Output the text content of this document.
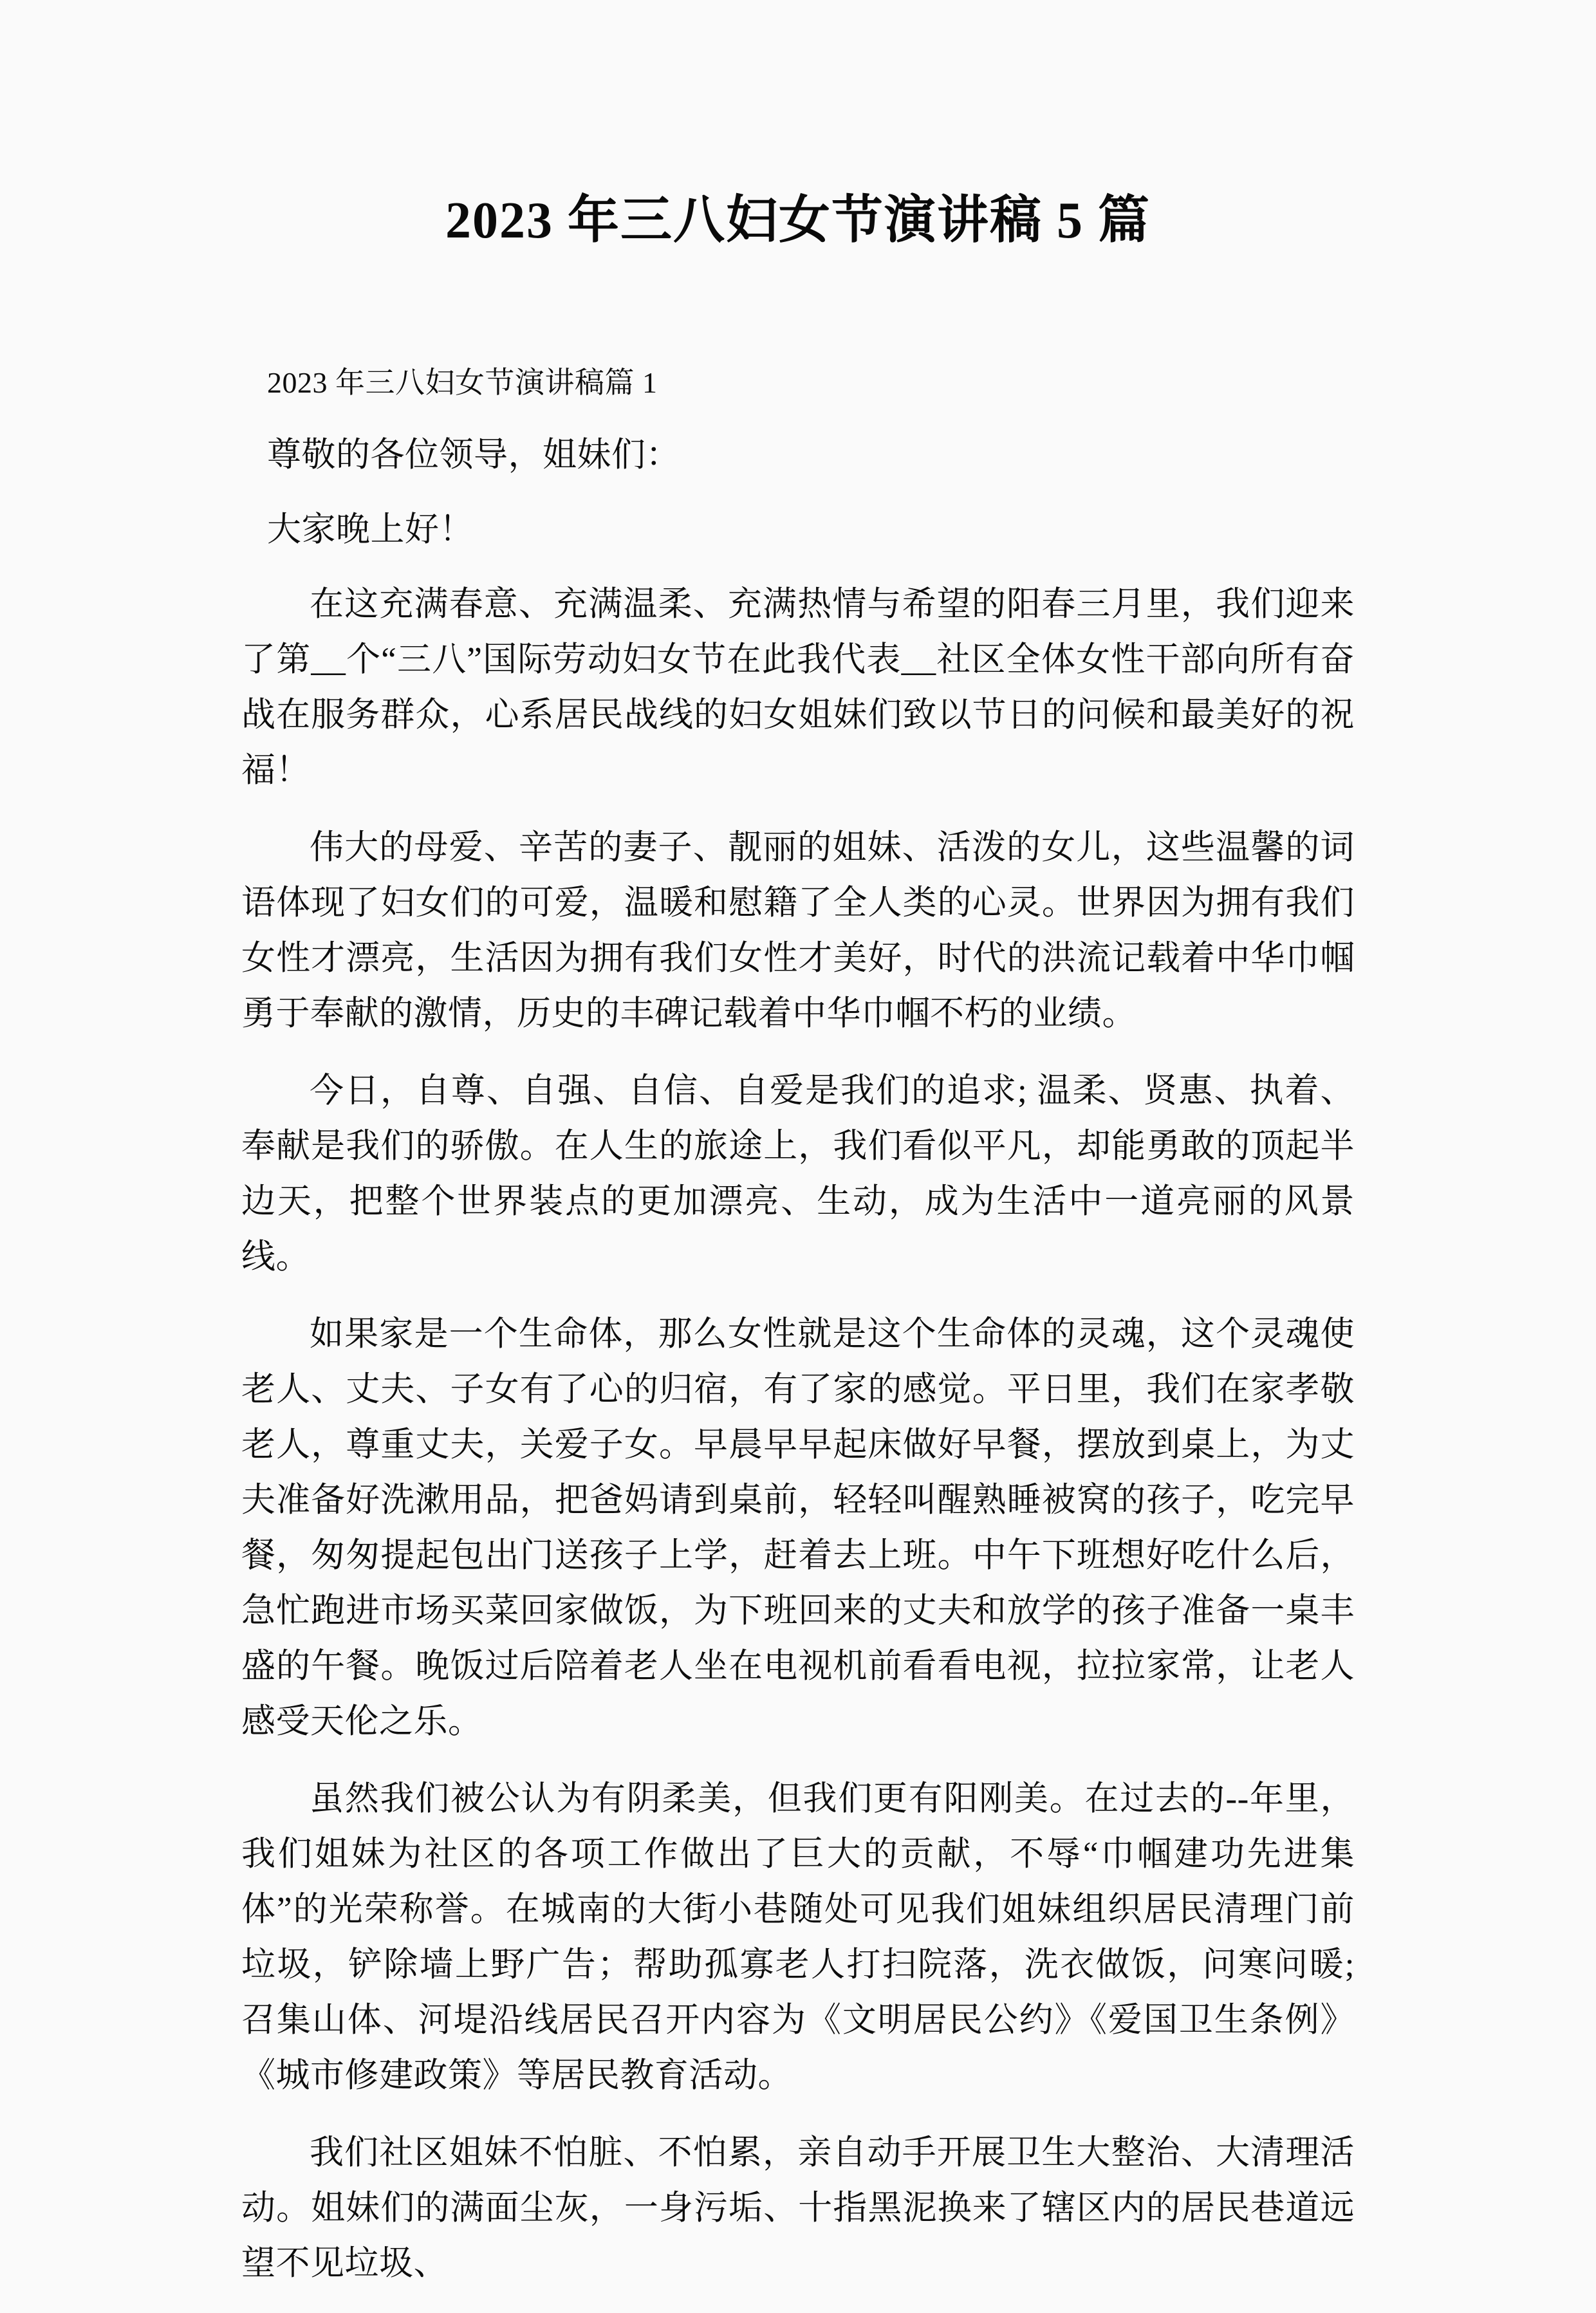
2023 年三八妇女节演讲稿 5 篇

2023 年三八妇女节演讲稿篇 1

尊敬的各位领导，姐妹们：

大家晚上好！

在这充满春意、充满温柔、充满热情与希望的阳春三月里，我们迎来了第__个“三八”国际劳动妇女节在此我代表__社区全体女性干部向所有奋战在服务群众，心系居民战线的妇女姐妹们致以节日的问候和最美好的祝福！

伟大的母爱、辛苦的妻子、靓丽的姐妹、活泼的女儿，这些温馨的词语体现了妇女们的可爱，温暖和慰籍了全人类的心灵。世界因为拥有我们女性才漂亮，生活因为拥有我们女性才美好，时代的洪流记载着中华巾帼勇于奉献的激情，历史的丰碑记载着中华巾帼不朽的业绩。

今日，自尊、自强、自信、自爱是我们的追求; 温柔、贤惠、执着、奉献是我们的骄傲。在人生的旅途上，我们看似平凡，却能勇敢的顶起半边天，把整个世界装点的更加漂亮、生动，成为生活中一道亮丽的风景线。

如果家是一个生命体，那么女性就是这个生命体的灵魂，这个灵魂使老人、丈夫、子女有了心的归宿，有了家的感觉。平日里，我们在家孝敬老人，尊重丈夫，关爱子女。早晨早早起床做好早餐，摆放到桌上，为丈夫准备好洗漱用品，把爸妈请到桌前，轻轻叫醒熟睡被窝的孩子，吃完早餐，匆匆提起包出门送孩子上学，赶着去上班。中午下班想好吃什么后，急忙跑进市场买菜回家做饭，为下班回来的丈夫和放学的孩子准备一桌丰盛的午餐。晚饭过后陪着老人坐在电视机前看看电视，拉拉家常，让老人感受天伦之乐。

虽然我们被公认为有阴柔美，但我们更有阳刚美。在过去的--年里，我们姐妹为社区的各项工作做出了巨大的贡献，不辱“巾帼建功先进集体”的光荣称誉。在城南的大街小巷随处可见我们姐妹组织居民清理门前垃圾，铲除墙上野广告；帮助孤寡老人打扫院落，洗衣做饭，问寒问暖; 召集山体、河堤沿线居民召开内容为《文明居民公约》《爱国卫生条例》《城市修建政策》等居民教育活动。

我们社区姐妹不怕脏、不怕累，亲自动手开展卫生大整治、大清理活动。姐妹们的满面尘灰，一身污垢、十指黑泥换来了辖区内的居民巷道远望不见垃圾、
